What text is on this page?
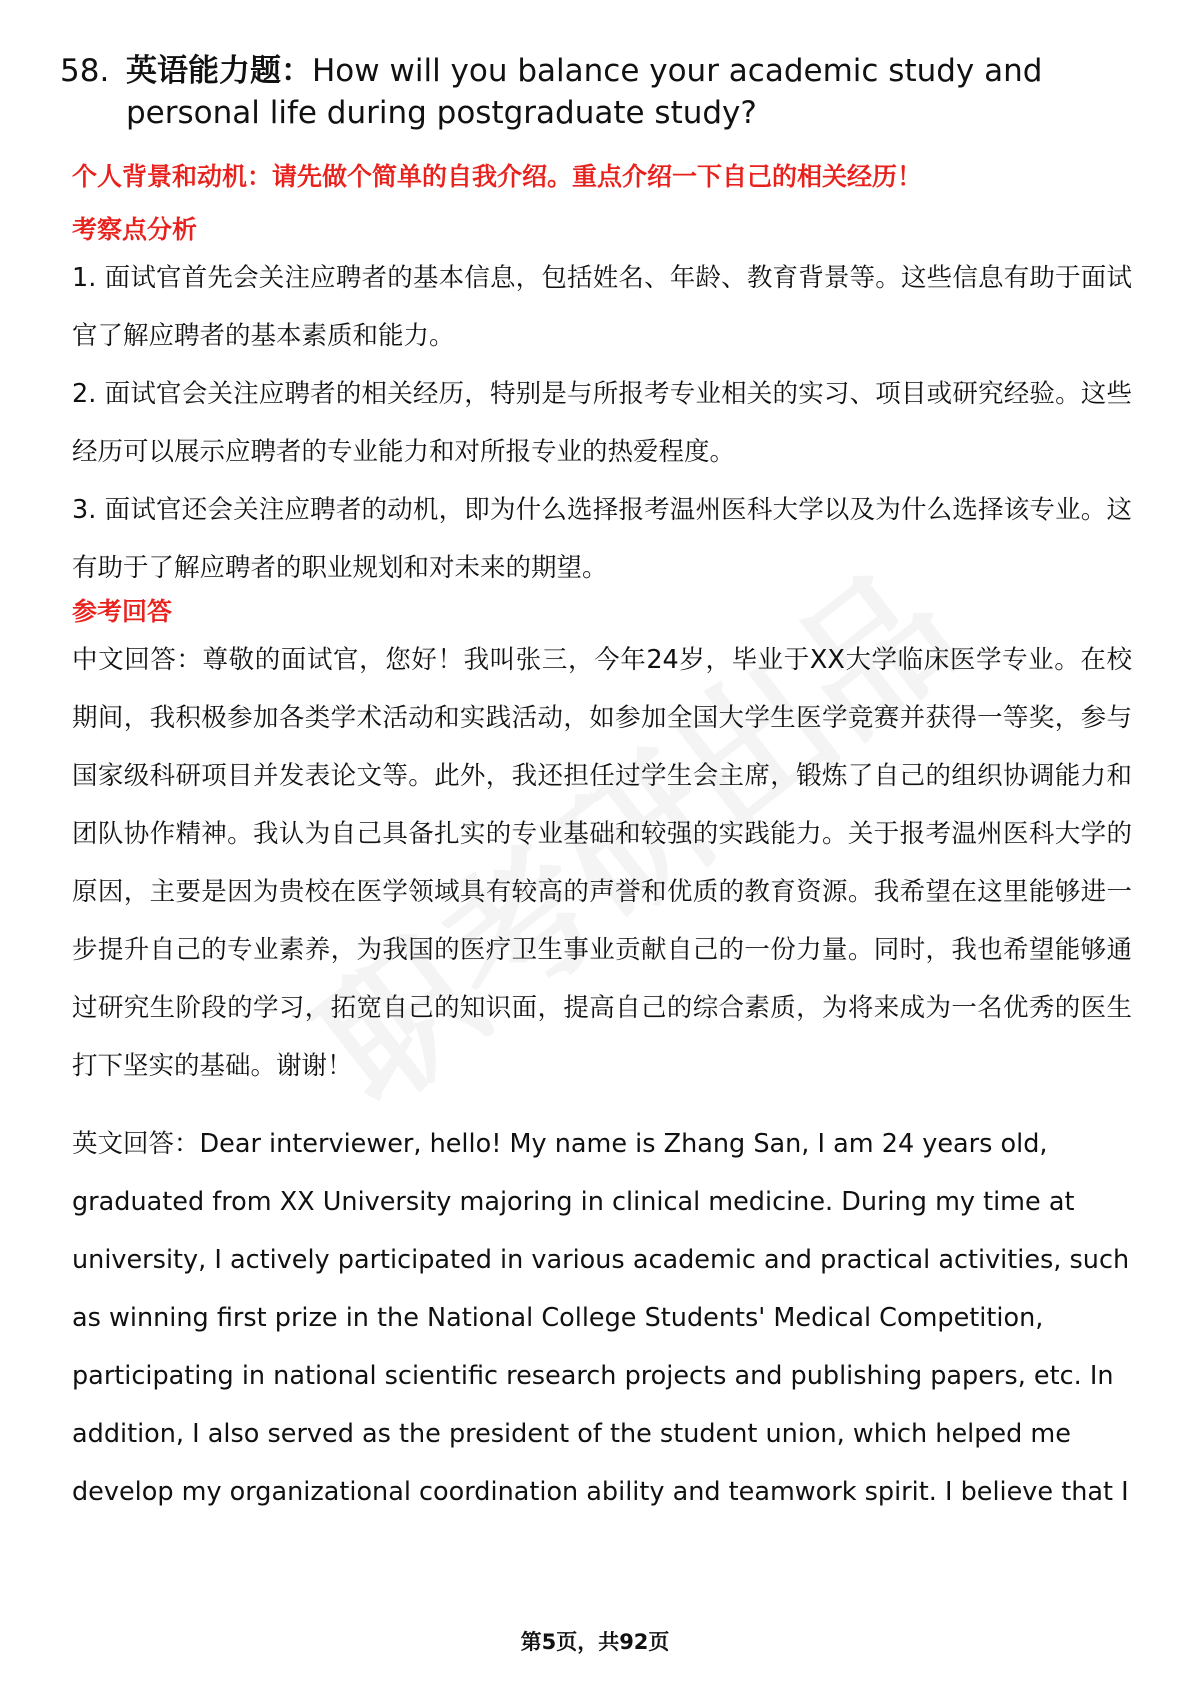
58. 英语能力题：How will you balance your academic study and
personal life during postgraduate study?

个人背景和动机：请先做个简单的自我介绍。重点介绍一下自己的相关经历！

考察点分析

1. 面试官首先会关注应聘者的基本信息，包括姓名、年龄、教育背景等。这些信息有助于面试官了解应聘者的基本素质和能力。

2. 面试官会关注应聘者的相关经历，特别是与所报考专业相关的实习、项目或研究经验。这些经历可以展示应聘者的专业能力和对所报专业的热爱程度。

3. 面试官还会关注应聘者的动机，即为什么选择报考温州医科大学以及为什么选择该专业。这有助于了解应聘者的职业规划和对未来的期望。

参考回答

中文回答：尊敬的面试官，您好！我叫张三，今年24岁，毕业于XX大学临床医学专业。在校期间，我积极参加各类学术活动和实践活动，如参加全国大学生医学竞赛并获得一等奖，参与国家级科研项目并发表论文等。此外，我还担任过学生会主席，锻炼了自己的组织协调能力和团队协作精神。我认为自己具备扎实的专业基础和较强的实践能力。关于报考温州医科大学的原因，主要是因为贵校在医学领域具有较高的声誉和优质的教育资源。我希望在这里能够进一步提升自己的专业素养，为我国的医疗卫生事业贡献自己的一份力量。同时，我也希望能够通过研究生阶段的学习，拓宽自己的知识面，提高自己的综合素质，为将来成为一名优秀的医生打下坚实的基础。谢谢！

英文回答：Dear interviewer, hello! My name is Zhang San, I am 24 years old, graduated from XX University majoring in clinical medicine. During my time at university, I actively participated in various academic and practical activities, such as winning first prize in the National College Students' Medical Competition, participating in national scientific research projects and publishing papers, etc. In addition, I also served as the president of the student union, which helped me develop my organizational coordination ability and teamwork spirit. I believe that I

第5页，共92页
